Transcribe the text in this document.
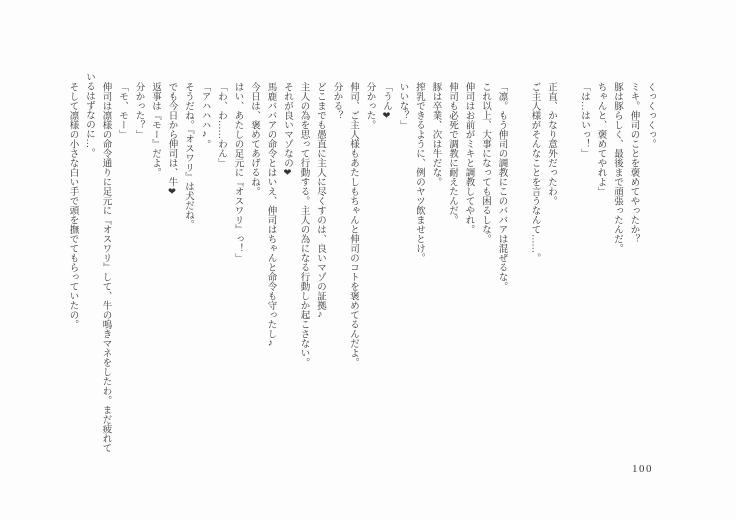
くっくっくっ。

ミキ。伸司のことを褒めてやったか？

豚は豚らしく、最後まで頑張ったんだ。

ちゃんと、褒めてやれよ」

「は…はいっ！」

正直、かなり意外だったわ。

ご主人様がそんなことを言うなんて……。

「凛。もう伸司の調教にこのババアは混ぜるな。

これ以上、大事になっても困るしな。

伸司はお前がミキと調教してやれ。

伸司も必死で調教に耐えたんだ。

豚は卒業、次は牛だな。

搾乳できるように、例のヤツ飲ませとけ。

いいな？」

「うん❤

分かった。

伸司、ご主人様もあたしもちゃんと伸司のコトを褒めてるんだよ。

分かる？

どこまでも愚直に主人に尽くすのは、良いマゾの証拠♪

主人の為を思って行動する。主人の為になる行動しか起こさない。

それが良いマゾなの❤

馬鹿ババアの命令とはいえ、伸司はちゃんと命令も守ったし♪

今日は、褒めてあげるね。

はい、あたしの足元に『オスワリ』っ！」

「わ、わ……わん」

「アハハハ♪。

そうだね。『オスワリ』は犬だね。

でも今日から伸司は、牛❤

返事は『モー』だよ。

分かった？」

「モ、モー」

伸司は凛様の命令通りに足元に『オスワリ』して、牛の鳴きマネをしたわ。まだ疲れて

いるはずなのに…。

そして凛様の小さな白い手で頭を撫でてもらっていたの。

100
